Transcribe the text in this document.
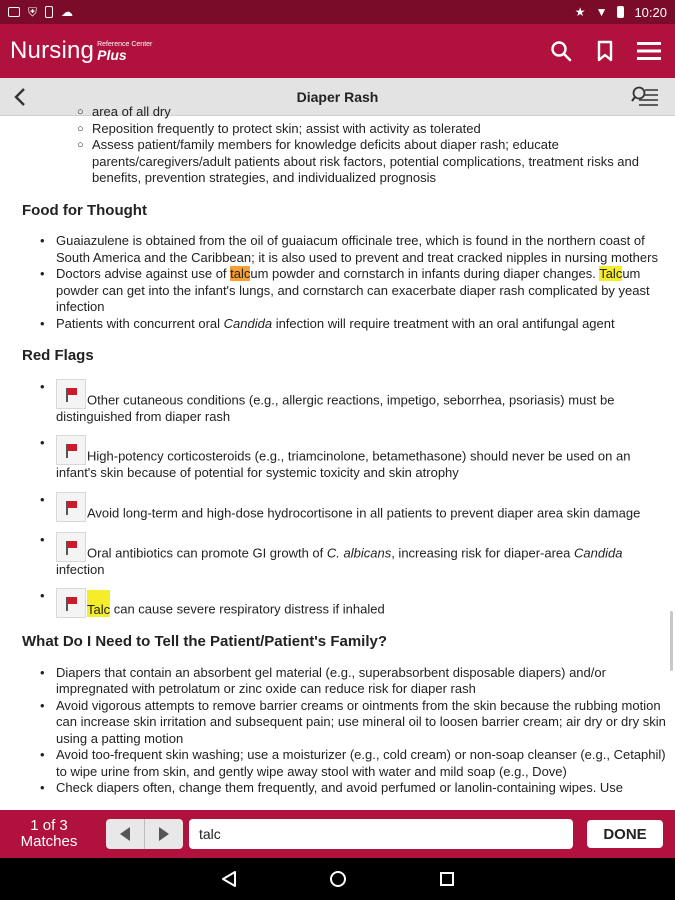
⛨ ☁	★ ▼ 10:20
Nursing Reference Center
Plus
Diaper Rash
○ area of all dry
○ Reposition frequently to protect skin; assist with activity as tolerated
○ Assess patient/family members for knowledge deficits about diaper rash; educate parents/caregivers/adult patients about risk factors, potential complications, treatment risks and benefits, prevention strategies, and individualized prognosis
Food for Thought
• Guaiazulene is obtained from the oil of guaiacum officinale tree, which is found in the northern coast of South America and the Caribbean; it is also used to prevent and treat cracked nipples in nursing mothers
• Doctors advise against use of talcum powder and cornstarch in infants during diaper changes. Talcum powder can get into the infant's lungs, and cornstarch can exacerbate diaper rash complicated by yeast infection
• Patients with concurrent oral Candida infection will require treatment with an oral antifungal agent
Red Flags
• Other cutaneous conditions (e.g., allergic reactions, impetigo, seborrhea, psoriasis) must be distinguished from diaper rash
• High-potency corticosteroids (e.g., triamcinolone, betamethasone) should never be used on an infant's skin because of potential for systemic toxicity and skin atrophy
• Avoid long-term and high-dose hydrocortisone in all patients to prevent diaper area skin damage
• Oral antibiotics can promote GI growth of C. albicans, increasing risk for diaper-area Candida infection
• Talc can cause severe respiratory distress if inhaled
What Do I Need to Tell the Patient/Patient's Family?
• Diapers that contain an absorbent gel material (e.g., superabsorbent disposable diapers) and/or impregnated with petrolatum or zinc oxide can reduce risk for diaper rash
• Avoid vigorous attempts to remove barrier creams or ointments from the skin because the rubbing motion can increase skin irritation and subsequent pain; use mineral oil to loosen barrier cream; air dry or dry skin using a patting motion
• Avoid too-frequent skin washing; use a moisturizer (e.g., cold cream) or non-soap cleanser (e.g., Cetaphil) to wipe urine from skin, and gently wipe away stool with water and mild soap (e.g., Dove)
• Check diapers often, change them frequently, and avoid perfumed or lanolin-containing wipes. Use
1 of 3
Matches
talc	DONE
